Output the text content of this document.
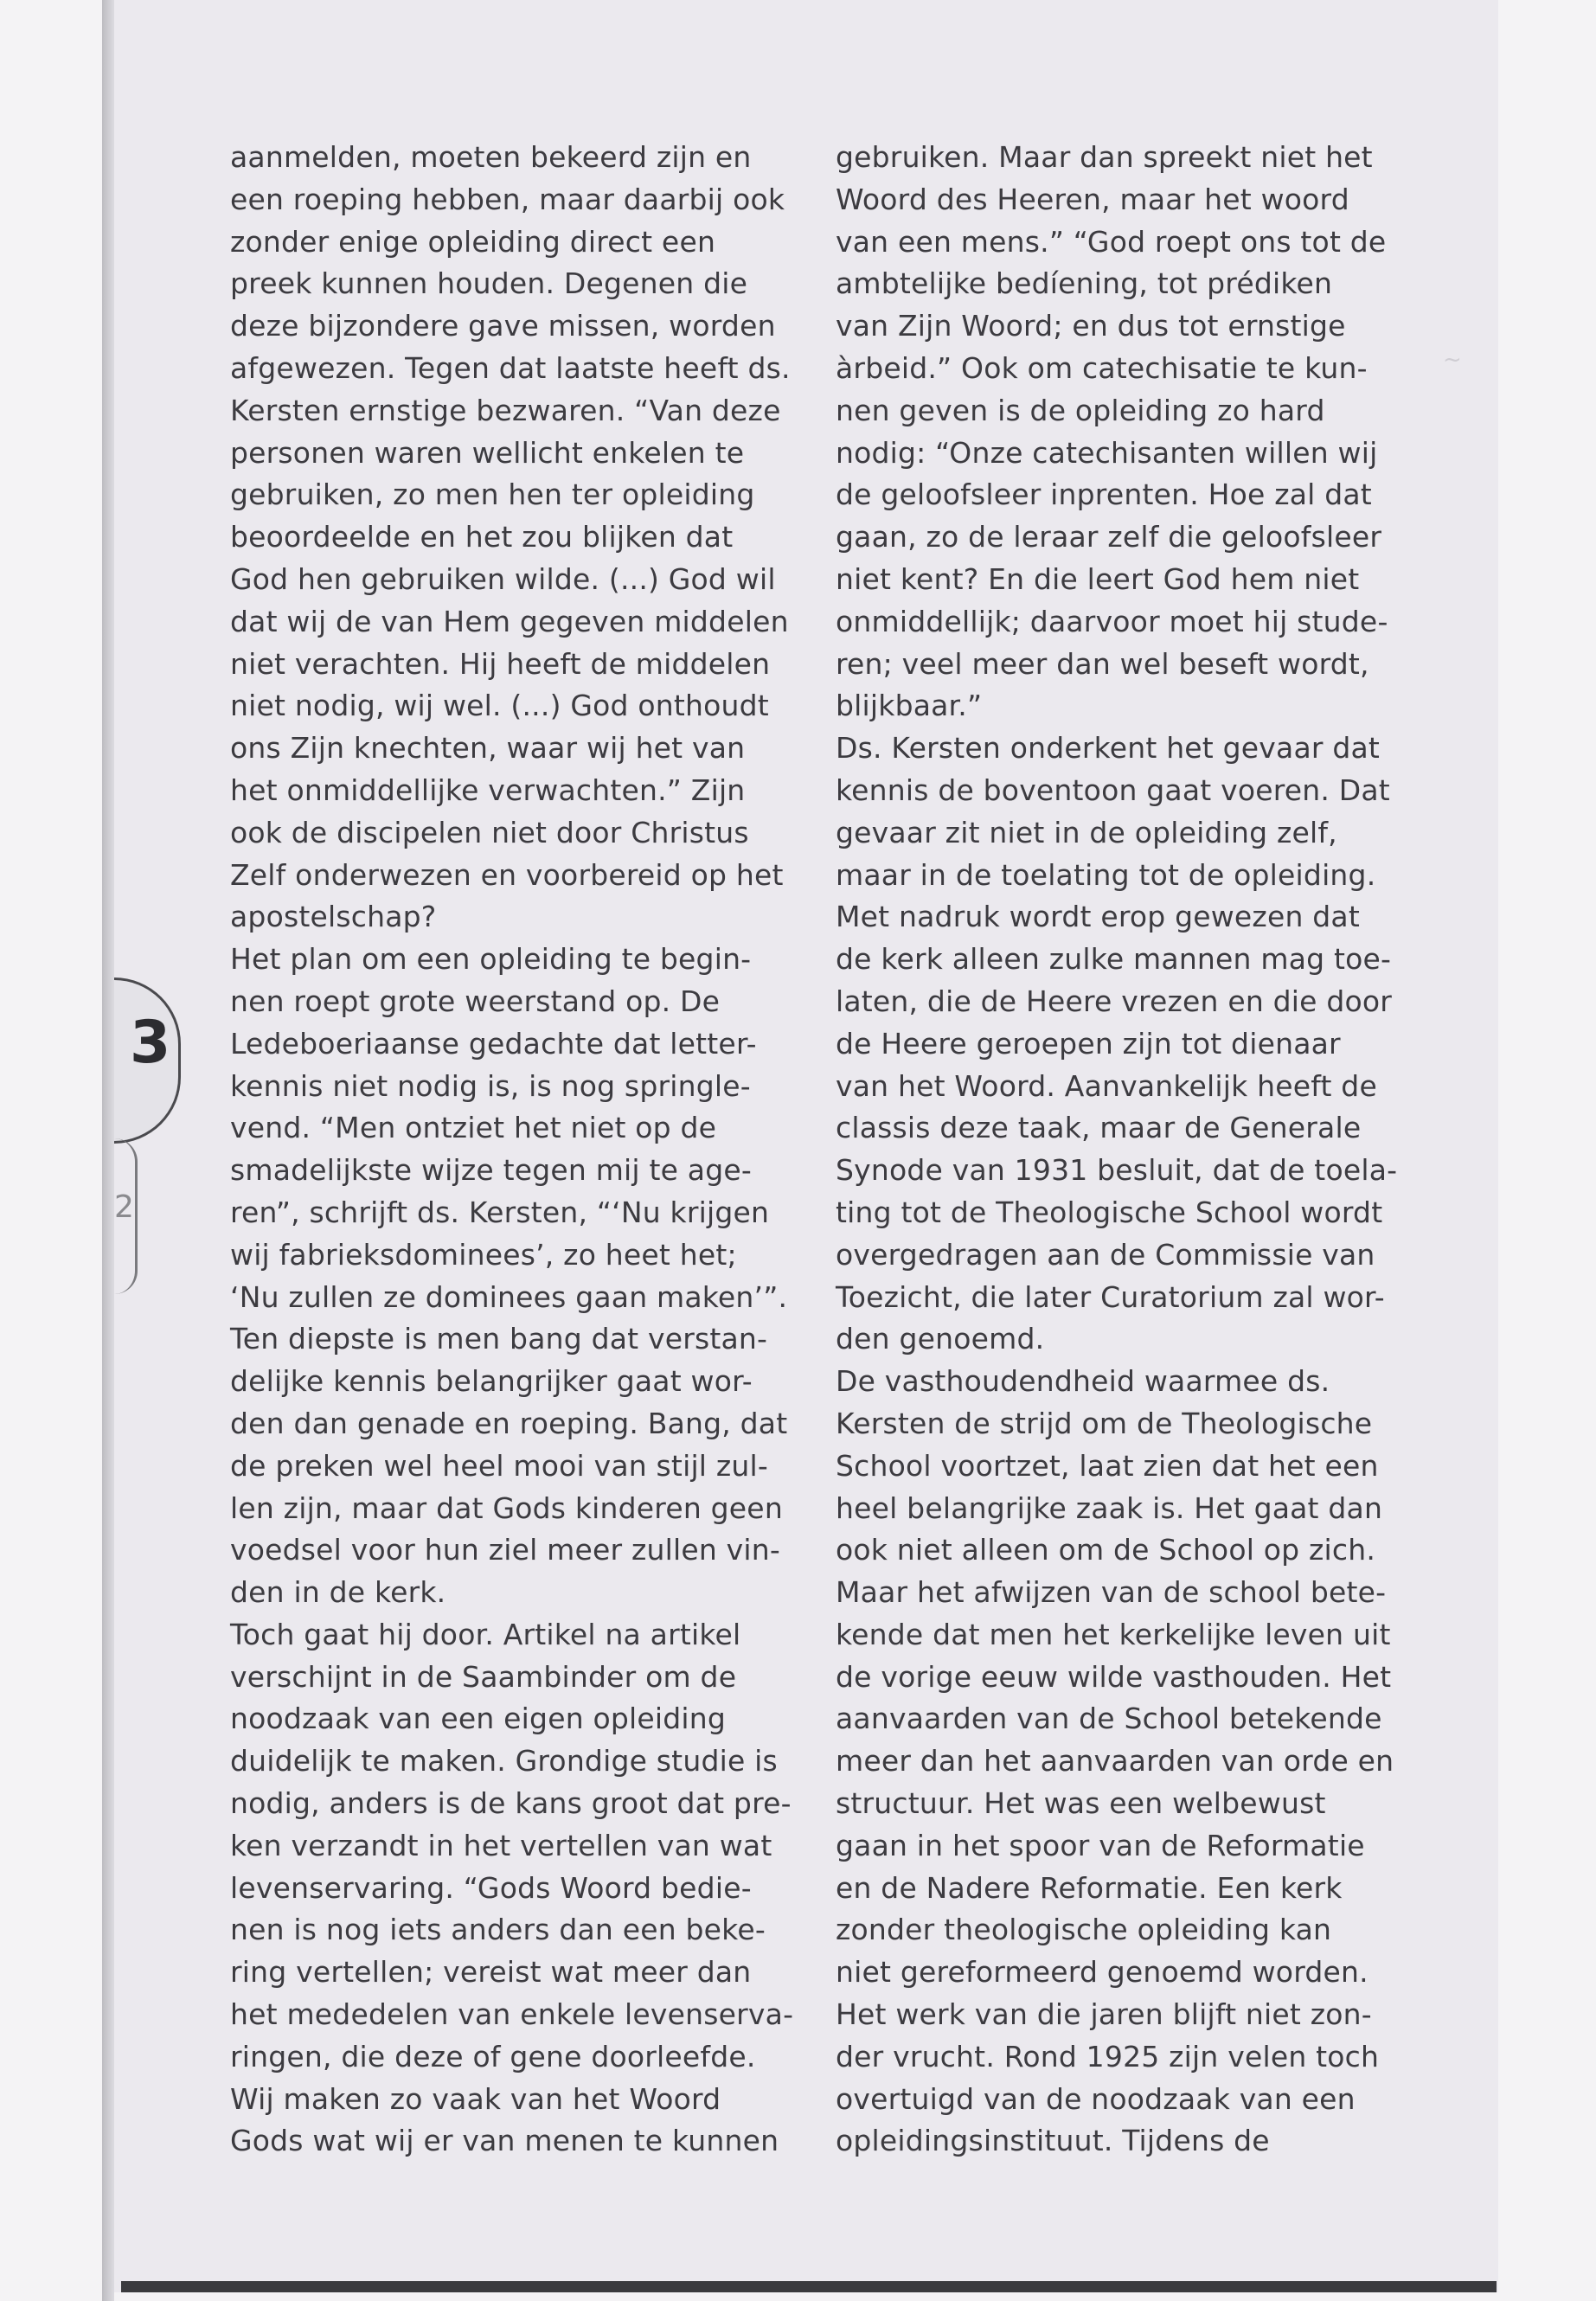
3
2
~
aanmelden, moeten bekeerd zijn en
een roeping hebben, maar daarbij ook
zonder enige opleiding direct een
preek kunnen houden. Degenen die
deze bijzondere gave missen, worden
afgewezen. Tegen dat laatste heeft ds.
Kersten ernstige bezwaren. “Van deze
personen waren wellicht enkelen te
gebruiken, zo men hen ter opleiding
beoordeelde en het zou blijken dat
God hen gebruiken wilde. (...) God wil
dat wij de van Hem gegeven middelen
niet verachten. Hij heeft de middelen
niet nodig, wij wel. (...) God onthoudt
ons Zijn knechten, waar wij het van
het onmiddellijke verwachten.” Zijn
ook de discipelen niet door Christus
Zelf onderwezen en voorbereid op het
apostelschap?
Het plan om een opleiding te begin-
nen roept grote weerstand op. De
Ledeboeriaanse gedachte dat letter-
kennis niet nodig is, is nog springle-
vend. “Men ontziet het niet op de
smadelijkste wijze tegen mij te age-
ren”, schrijft ds. Kersten, “‘Nu krijgen
wij fabrieksdominees’, zo heet het;
‘Nu zullen ze dominees gaan maken’”.
Ten diepste is men bang dat verstan-
delijke kennis belangrijker gaat wor-
den dan genade en roeping. Bang, dat
de preken wel heel mooi van stijl zul-
len zijn, maar dat Gods kinderen geen
voedsel voor hun ziel meer zullen vin-
den in de kerk.
Toch gaat hij door. Artikel na artikel
verschijnt in de Saambinder om de
noodzaak van een eigen opleiding
duidelijk te maken. Grondige studie is
nodig, anders is de kans groot dat pre-
ken verzandt in het vertellen van wat
levenservaring. “Gods Woord bedie-
nen is nog iets anders dan een beke-
ring vertellen; vereist wat meer dan
het mededelen van enkele levenserva-
ringen, die deze of gene doorleefde.
Wij maken zo vaak van het Woord
Gods wat wij er van menen te kunnen
gebruiken. Maar dan spreekt niet het
Woord des Heeren, maar het woord
van een mens.” “God roept ons tot de
ambtelijke bedíening, tot prédiken
van Zijn Woord; en dus tot ernstige
àrbeid.” Ook om catechisatie te kun-
nen geven is de opleiding zo hard
nodig: “Onze catechisanten willen wij
de geloofsleer inprenten. Hoe zal dat
gaan, zo de leraar zelf die geloofsleer
niet kent? En die leert God hem niet
onmiddellijk; daarvoor moet hij stude-
ren; veel meer dan wel beseft wordt,
blijkbaar.”
Ds. Kersten onderkent het gevaar dat
kennis de boventoon gaat voeren. Dat
gevaar zit niet in de opleiding zelf,
maar in de toelating tot de opleiding.
Met nadruk wordt erop gewezen dat
de kerk alleen zulke mannen mag toe-
laten, die de Heere vrezen en die door
de Heere geroepen zijn tot dienaar
van het Woord. Aanvankelijk heeft de
classis deze taak, maar de Generale
Synode van 1931 besluit, dat de toela-
ting tot de Theologische School wordt
overgedragen aan de Commissie van
Toezicht, die later Curatorium zal wor-
den genoemd.
De vasthoudendheid waarmee ds.
Kersten de strijd om de Theologische
School voortzet, laat zien dat het een
heel belangrijke zaak is. Het gaat dan
ook niet alleen om de School op zich.
Maar het afwijzen van de school bete-
kende dat men het kerkelijke leven uit
de vorige eeuw wilde vasthouden. Het
aanvaarden van de School betekende
meer dan het aanvaarden van orde en
structuur. Het was een welbewust
gaan in het spoor van de Reformatie
en de Nadere Reformatie. Een kerk
zonder theologische opleiding kan
niet gereformeerd genoemd worden.
Het werk van die jaren blijft niet zon-
der vrucht. Rond 1925 zijn velen toch
overtuigd van de noodzaak van een
opleidingsinstituut. Tijdens de
